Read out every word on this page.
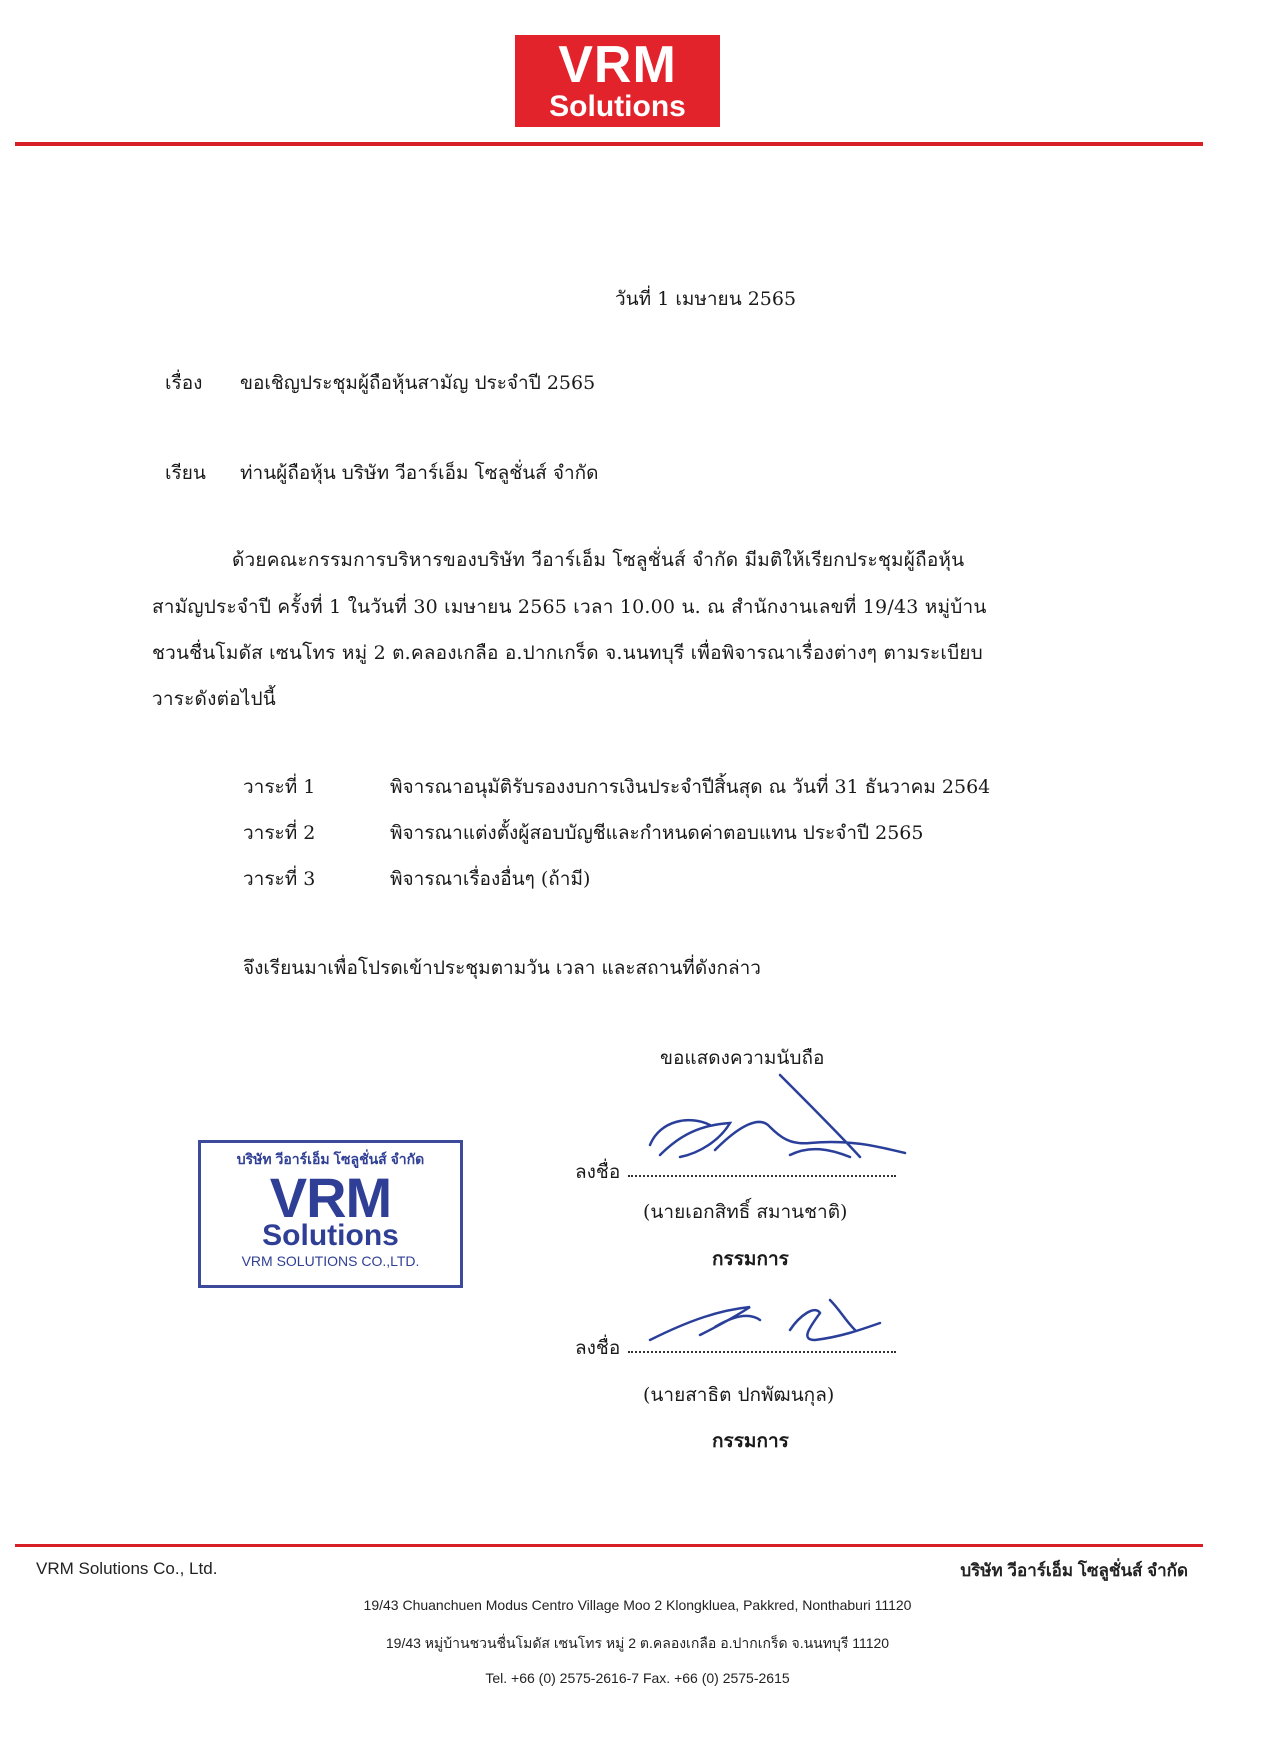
VRM
Solutions
วันที่ 1 เมษายน 2565
เรื่อง ขอเชิญประชุมผู้ถือหุ้นสามัญ ประจำปี 2565
เรียน ท่านผู้ถือหุ้น บริษัท วีอาร์เอ็ม โซลูชั่นส์ จำกัด
ด้วยคณะกรรมการบริหารของบริษัท วีอาร์เอ็ม โซลูชั่นส์ จำกัด มีมติให้เรียกประชุมผู้ถือหุ้น
สามัญประจำปี ครั้งที่ 1 ในวันที่ 30 เมษายน 2565 เวลา 10.00 น. ณ สำนักงานเลขที่ 19/43 หมู่บ้าน
ชวนชื่นโมดัส เซนโทร หมู่ 2 ต.คลองเกลือ อ.ปากเกร็ด จ.นนทบุรี เพื่อพิจารณาเรื่องต่างๆ ตามระเบียบ
วาระดังต่อไปนี้
วาระที่ 1	พิจารณาอนุมัติรับรองงบการเงินประจำปีสิ้นสุด ณ วันที่ 31 ธันวาคม 2564
วาระที่ 2	พิจารณาแต่งตั้งผู้สอบบัญชีและกำหนดค่าตอบแทน ประจำปี 2565
วาระที่ 3	พิจารณาเรื่องอื่นๆ (ถ้ามี)
จึงเรียนมาเพื่อโปรดเข้าประชุมตามวัน เวลา และสถานที่ดังกล่าว
ขอแสดงความนับถือ
บริษัท วีอาร์เอ็ม โซลูชั่นส์ จำกัด
VRM
Solutions
VRM SOLUTIONS CO.,LTD.
ลงชื่อ
(นายเอกสิทธิ์ สมานชาติ)
กรรมการ
ลงชื่อ
(นายสาธิต ปกพัฒนกุล)
กรรมการ
VRM Solutions Co., Ltd.	บริษัท วีอาร์เอ็ม โซลูชั่นส์ จำกัด
19/43 Chuanchuen Modus Centro Village Moo 2 Klongkluea, Pakkred, Nonthaburi 11120
19/43 หมู่บ้านชวนชื่นโมดัส เซนโทร หมู่ 2 ต.คลองเกลือ อ.ปากเกร็ด จ.นนทบุรี 11120
Tel. +66 (0) 2575-2616-7 Fax. +66 (0) 2575-2615
